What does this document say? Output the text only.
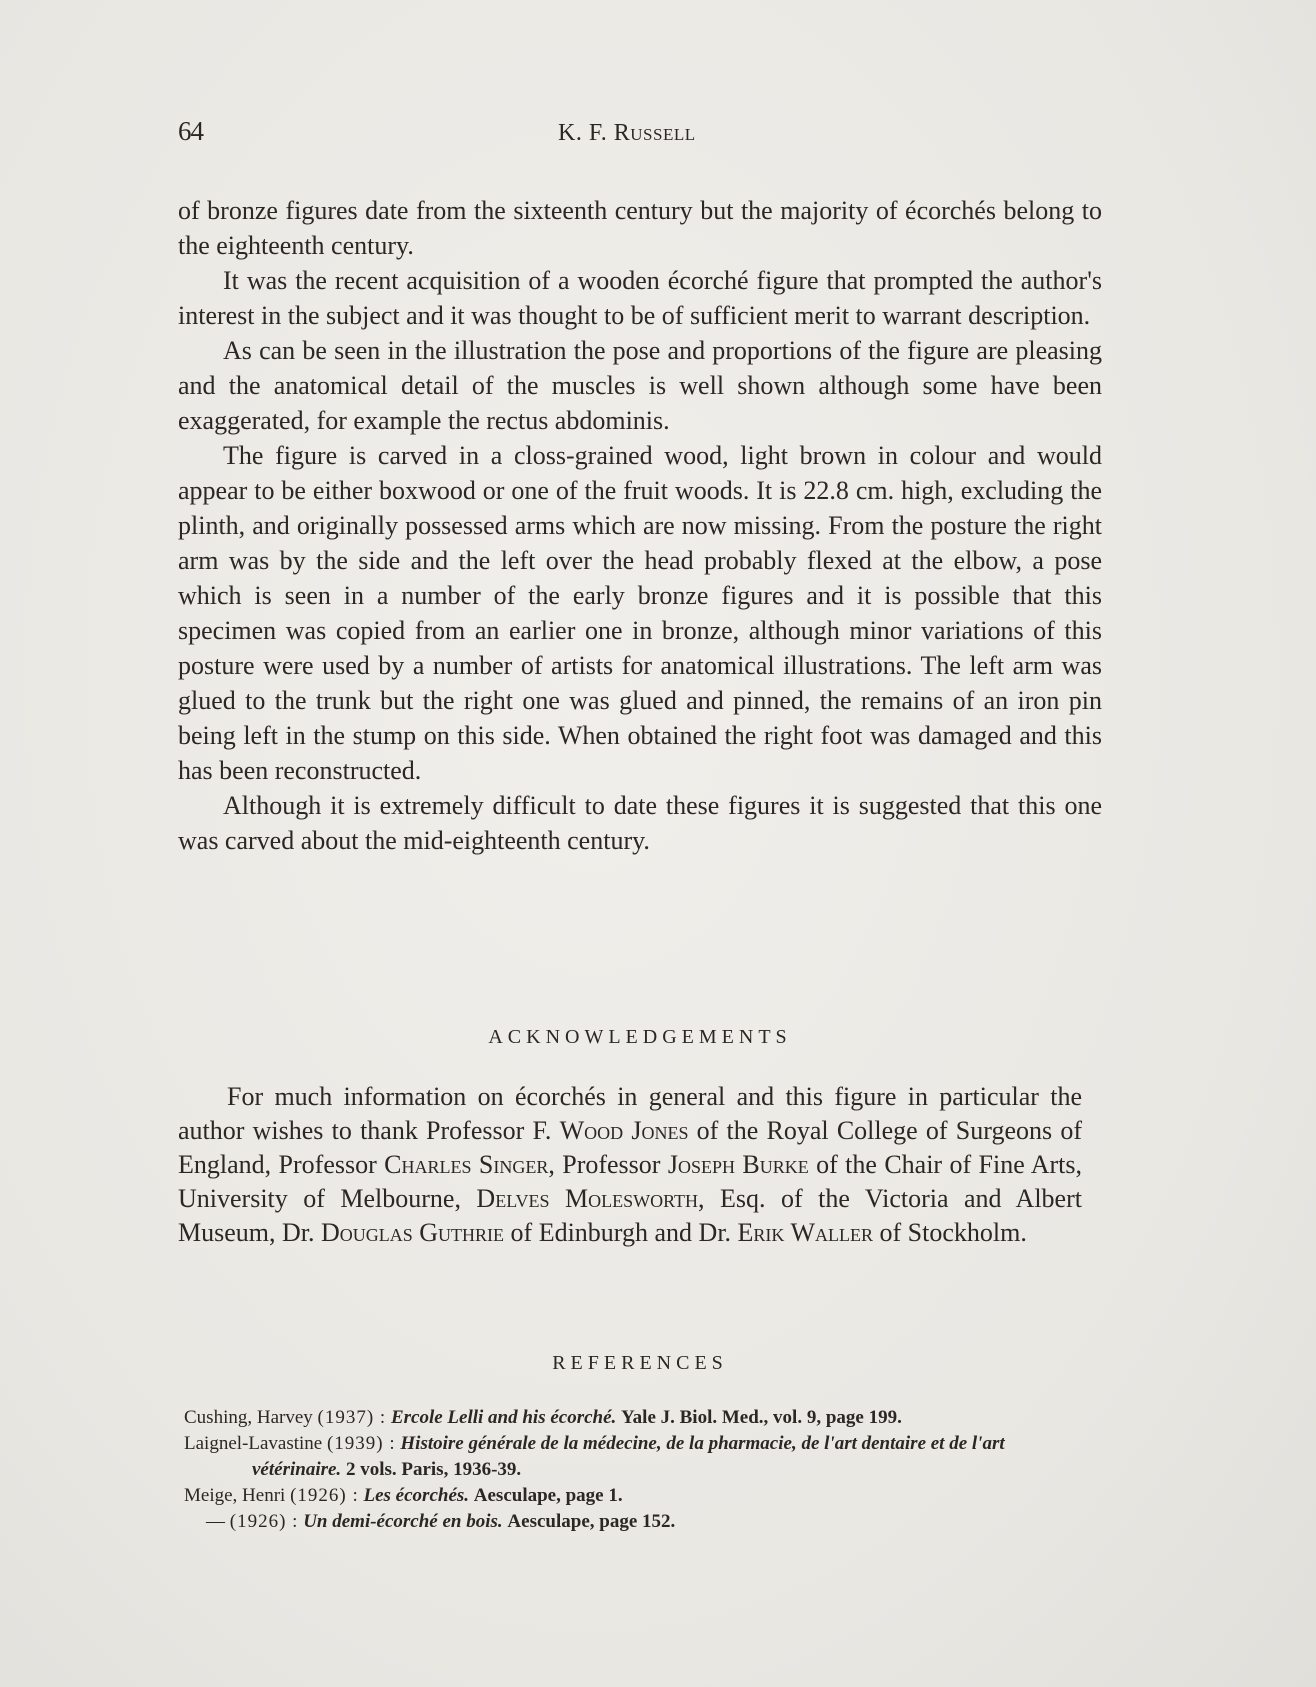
64	K. F. Russell

of bronze figures date from the sixteenth century but the majority of écorchés belong to the eighteenth century.

It was the recent acquisition of a wooden écorché figure that prompted the author's interest in the subject and it was thought to be of sufficient merit to warrant description.

As can be seen in the illustration the pose and proportions of the figure are pleasing and the anatomical detail of the muscles is well shown although some have been exaggerated, for example the rectus abdominis.

The figure is carved in a closs-grained wood, light brown in colour and would appear to be either boxwood or one of the fruit woods. It is 22.8 cm. high, excluding the plinth, and originally possessed arms which are now missing. From the posture the right arm was by the side and the left over the head probably flexed at the elbow, a pose which is seen in a number of the early bronze figures and it is possible that this specimen was copied from an earlier one in bronze, although minor variations of this posture were used by a number of artists for anatomical illustrations. The left arm was glued to the trunk but the right one was glued and pinned, the remains of an iron pin being left in the stump on this side. When obtained the right foot was damaged and this has been reconstructed.

Although it is extremely difficult to date these figures it is suggested that this one was carved about the mid-eighteenth century.

ACKNOWLEDGEMENTS

For much information on écorchés in general and this figure in particular the author wishes to thank Professor F. Wood Jones of the Royal College of Surgeons of England, Professor Charles Singer, Professor Joseph Burke of the Chair of Fine Arts, University of Melbourne, Delves Moleswortн, Esq. of the Victoria and Albert Museum, Dr. Douglas Guthrie of Edinburgh and Dr. Erik Waller of Stockholm.

REFERENCES

Cushing, Harvey (1937) : Ercole Lelli and his écorché. Yale J. Biol. Med., vol. 9, page 199.

Laignel-Lavastine (1939) : Histoire générale de la médecine, de la pharmacie, de l'art dentaire et de l'art vétérinaire. 2 vols. Paris, 1936-39.

Meige, Henri (1926) : Les écorchés. Aesculape, page 1.

— (1926) : Un demi-écorché en bois. Aesculape, page 152.
